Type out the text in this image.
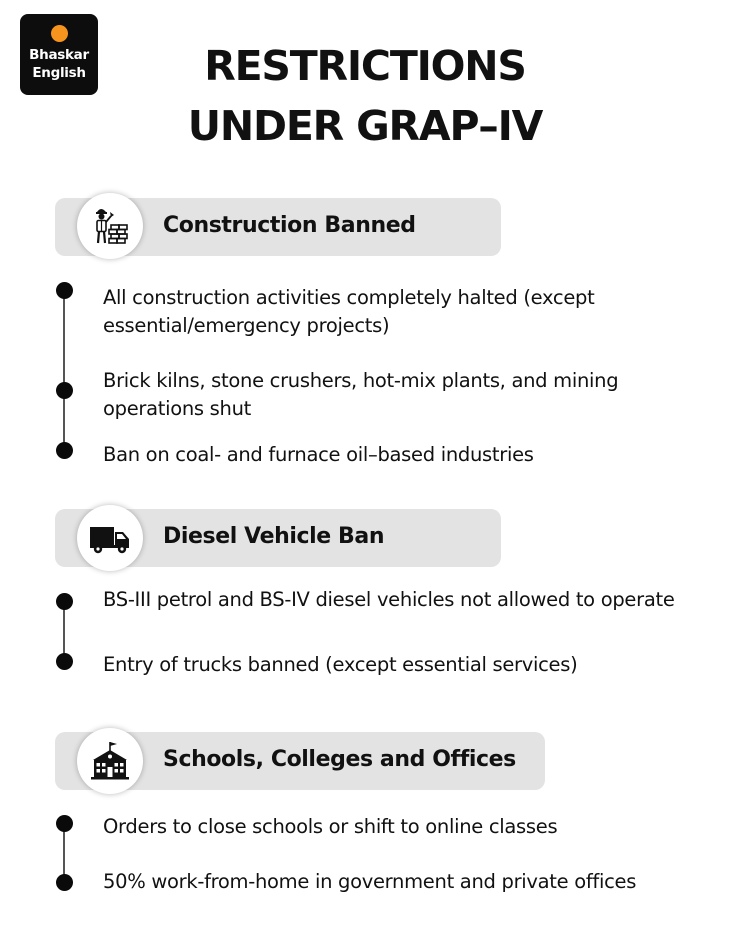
Bhaskar
English	RESTRICTIONS
UNDER GRAP–IV
Construction Banned
All construction activities completely halted (except essential/emergency projects)
Brick kilns, stone crushers, hot-mix plants, and mining operations shut
Ban on coal- and furnace oil–based industries
Diesel Vehicle Ban
BS-III petrol and BS-IV diesel vehicles not allowed to operate
Entry of trucks banned (except essential services)
Schools, Colleges and Offices
Orders to close schools or shift to online classes
50% work-from-home in government and private offices
